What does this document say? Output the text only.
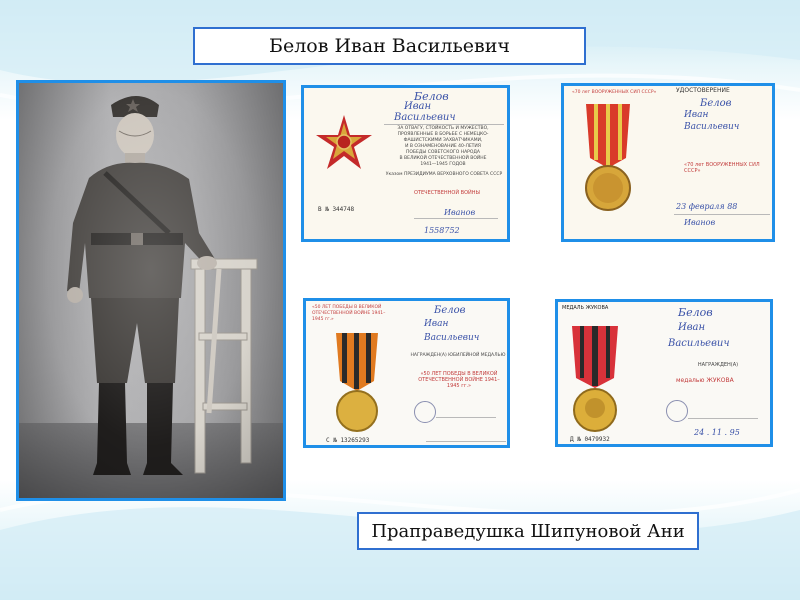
Белов Иван Васильевич
Белов
Иван
Васильевич
ЗА ОТВАГУ, СТОЙКОСТЬ И МУЖЕСТВО,
ПРОЯВЛЕННЫЕ В БОРЬБЕ С НЕМЕЦКО-
ФАШИСТСКИМИ ЗАХВАТЧИКАМИ,
И В ОЗНАМЕНОВАНИЕ 40-ЛЕТИЯ
ПОБЕДЫ СОВЕТСКОГО НАРОДА
В ВЕЛИКОЙ ОТЕЧЕСТВЕННОЙ ВОЙНЕ
1941—1945 ГОДОВ
Указом ПРЕЗИДИУМА ВЕРХОВНОГО СОВЕТА СССР
ОТЕЧЕСТВЕННОЙ ВОЙНЫ
В № 344748	Иванов
1558752
«70 лет ВООРУЖЕННЫХ СИЛ СССР»	УДОСТОВЕРЕНИЕ
Белов
Иван
Васильевич
«70 лет ВООРУЖЕННЫХ СИЛ СССР»
23 февраля 88
Иванов
«50 ЛЕТ ПОБЕДЫ В ВЕЛИКОЙ ОТЕЧЕСТВЕННОЙ ВОЙНЕ 1941–1945 гг.»
Белов
Иван
Васильевич
НАГРАЖДЕН(А) ЮБИЛЕЙНОЙ МЕДАЛЬЮ
«50 ЛЕТ ПОБЕДЫ В ВЕЛИКОЙ ОТЕЧЕСТВЕННОЙ ВОЙНЕ 1941–1945 гг.»
С № 13265293
МЕДАЛЬ ЖУКОВА	Белов
Иван
Васильевич
НАГРАЖДЕН(А)
медалью ЖУКОВА
Д № 0479932
24 . 11 . 95
Праправедушка Шипуновой Ани
